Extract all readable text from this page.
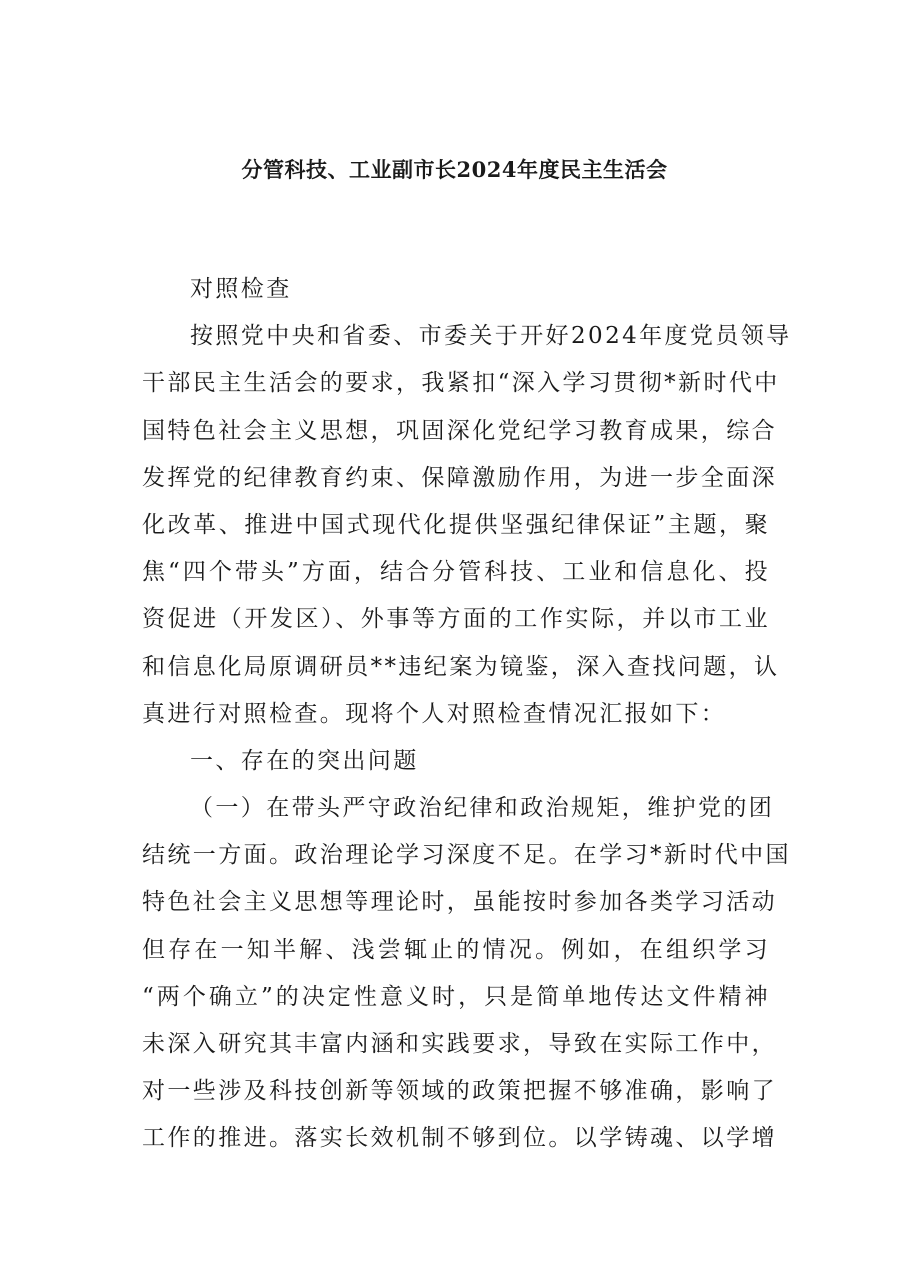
分管科技、工业副市长2024年度民主生活会
对照检查
按照党中央和省委、市委关于开好2024年度党员领导
干部民主生活会的要求，我紧扣“深入学习贯彻*新时代中
国特色社会主义思想，巩固深化党纪学习教育成果，综合
发挥党的纪律教育约束、保障激励作用，为进一步全面深
化改革、推进中国式现代化提供坚强纪律保证”主题，聚
焦“四个带头”方面，结合分管科技、工业和信息化、投
资促进（开发区）、外事等方面的工作实际，并以市工业
和信息化局原调研员**违纪案为镜鉴，深入查找问题，认
真进行对照检查。现将个人对照检查情况汇报如下：
一、存在的突出问题
（一）在带头严守政治纪律和政治规矩，维护党的团
结统一方面。政治理论学习深度不足。在学习*新时代中国
特色社会主义思想等理论时，虽能按时参加各类学习活动
但存在一知半解、浅尝辄止的情况。例如，在组织学习
“两个确立”的决定性意义时，只是简单地传达文件精神
未深入研究其丰富内涵和实践要求，导致在实际工作中，
对一些涉及科技创新等领域的政策把握不够准确，影响了
工作的推进。落实长效机制不够到位。以学铸魂、以学增
